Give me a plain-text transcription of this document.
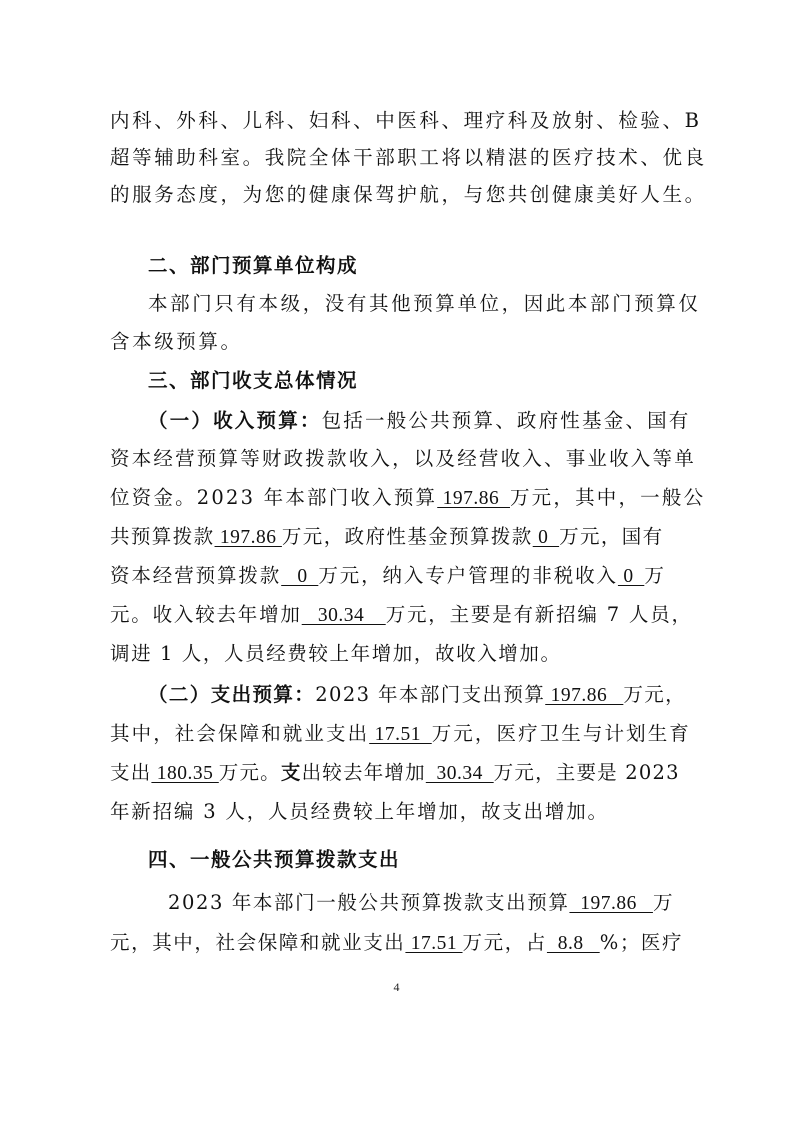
内科、外科、儿科、妇科、中医科、理疗科及放射、检验、B
超等辅助科室。我院全体干部职工将以精湛的医疗技术、优良
的服务态度，为您的健康保驾护航，与您共创健康美好人生。
二、部门预算单位构成
本部门只有本级，没有其他预算单位，因此本部门预算仅
含本级预算。
三、部门收支总体情况
（一）收入预算：包括一般公共预算、政府性基金、国有
资本经营预算等财政拨款收入，以及经营收入、事业收入等单
位资金。2023 年本部门收入预算 197.86  万元，其中，一般公
共预算拨款 197.86 万元，政府性基金预算拨款 0  万元，国有
资本经营预算拨款   0  万元，纳入专户管理的非税收入 0  万
元。收入较去年增加   30.34    万元，主要是有新招编 7 人员，
调进 1 人，人员经费较上年增加，故收入增加。
（二）支出预算：2023 年本部门支出预算 197.86   万元，
其中，社会保障和就业支出 17.51  万元，医疗卫生与计划生育
支出 180.35 万元。支出较去年增加  30.34  万元，主要是 2023
年新招编 3 人，人员经费较上年增加，故支出增加。
四、一般公共预算拨款支出
2023 年本部门一般公共预算拨款支出预算  197.86   万
元，其中，社会保障和就业支出 17.51 万元，占  8.8   %；医疗
4
